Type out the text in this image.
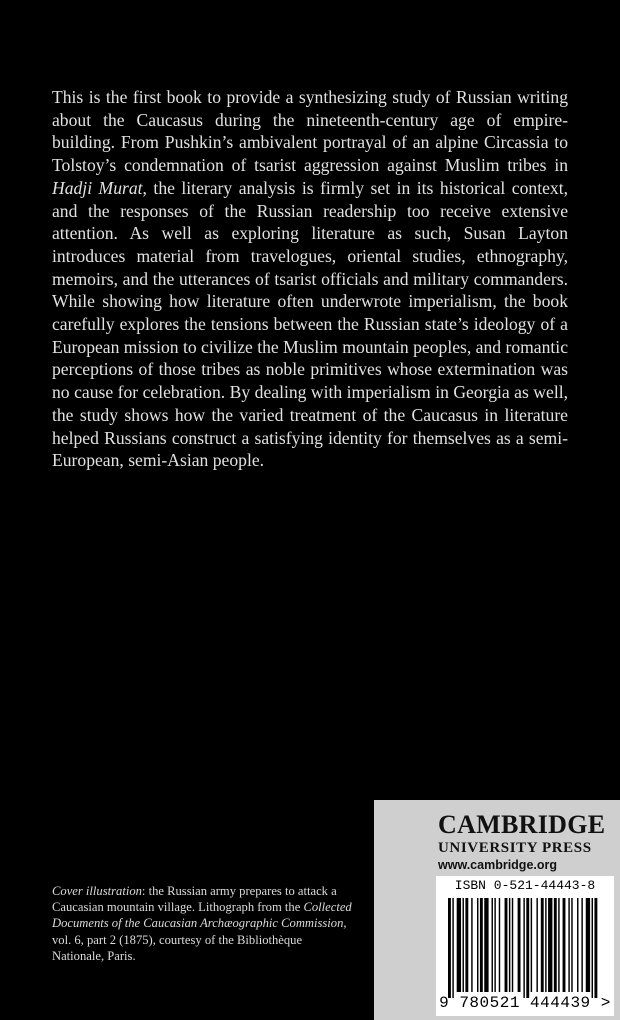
This is the first book to provide a synthesizing study of Russian writing about the Caucasus during the nineteenth-century age of empire-building. From Pushkin’s ambivalent portrayal of an alpine Circassia to Tolstoy’s condemnation of tsarist aggression against Muslim tribes in Hadji Murat, the literary analysis is firmly set in its historical context, and the responses of the Russian readership too receive extensive attention. As well as exploring literature as such, Susan Layton introduces material from travelogues, oriental studies, ethnography, memoirs, and the utterances of tsarist officials and military commanders. While showing how literature often underwrote imperialism, the book carefully explores the tensions between the Russian state’s ideology of a European mission to civilize the Muslim mountain peoples, and romantic perceptions of those tribes as noble primitives whose extermination was no cause for celebration. By dealing with imperialism in Georgia as well, the study shows how the varied treatment of the Caucasus in literature helped Russians construct a satisfying identity for themselves as a semi-European, semi-Asian people.

Cover illustration: the Russian army prepares to attack a Caucasian mountain village. Lithograph from the Collected Documents of the Caucasian Archæographic Commission, vol. 6, part 2 (1875), courtesy of the Bibliothèque Nationale, Paris.

CAMBRIDGE
UNIVERSITY PRESS
www.cambridge.org
ISBN 0-521-44443-8
9 780521 444439 >
